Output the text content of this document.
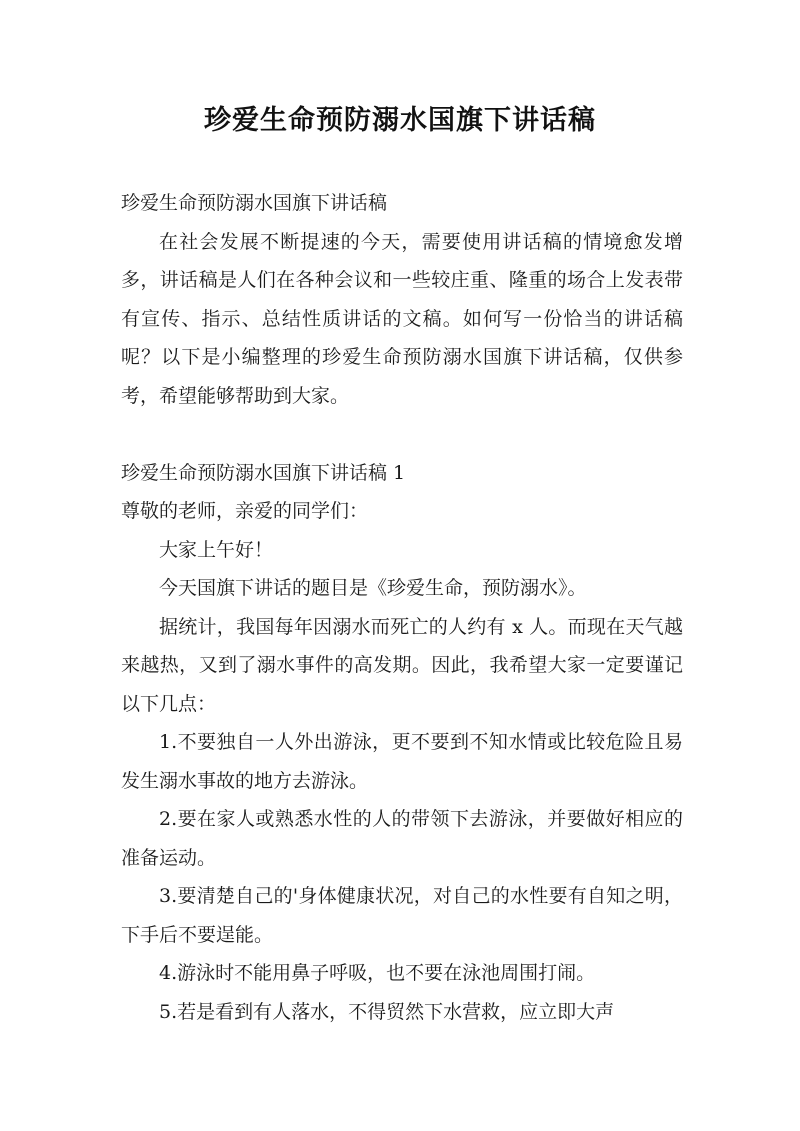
珍爱生命预防溺水国旗下讲话稿

珍爱生命预防溺水国旗下讲话稿

在社会发展不断提速的今天，需要使用讲话稿的情境愈发增多，讲话稿是人们在各种会议和一些较庄重、隆重的场合上发表带有宣传、指示、总结性质讲话的文稿。如何写一份恰当的讲话稿呢？以下是小编整理的珍爱生命预防溺水国旗下讲话稿，仅供参考，希望能够帮助到大家。

珍爱生命预防溺水国旗下讲话稿 1

尊敬的老师，亲爱的同学们：

大家上午好！

今天国旗下讲话的题目是《珍爱生命，预防溺水》。

据统计，我国每年因溺水而死亡的人约有 x 人。而现在天气越来越热，又到了溺水事件的高发期。因此，我希望大家一定要谨记以下几点：

1.不要独自一人外出游泳，更不要到不知水情或比较危险且易发生溺水事故的地方去游泳。

2.要在家人或熟悉水性的人的带领下去游泳，并要做好相应的准备运动。

3.要清楚自己的'身体健康状况，对自己的水性要有自知之明，下手后不要逞能。

4.游泳时不能用鼻子呼吸，也不要在泳池周围打闹。

5.若是看到有人落水，不得贸然下水营救，应立即大声
